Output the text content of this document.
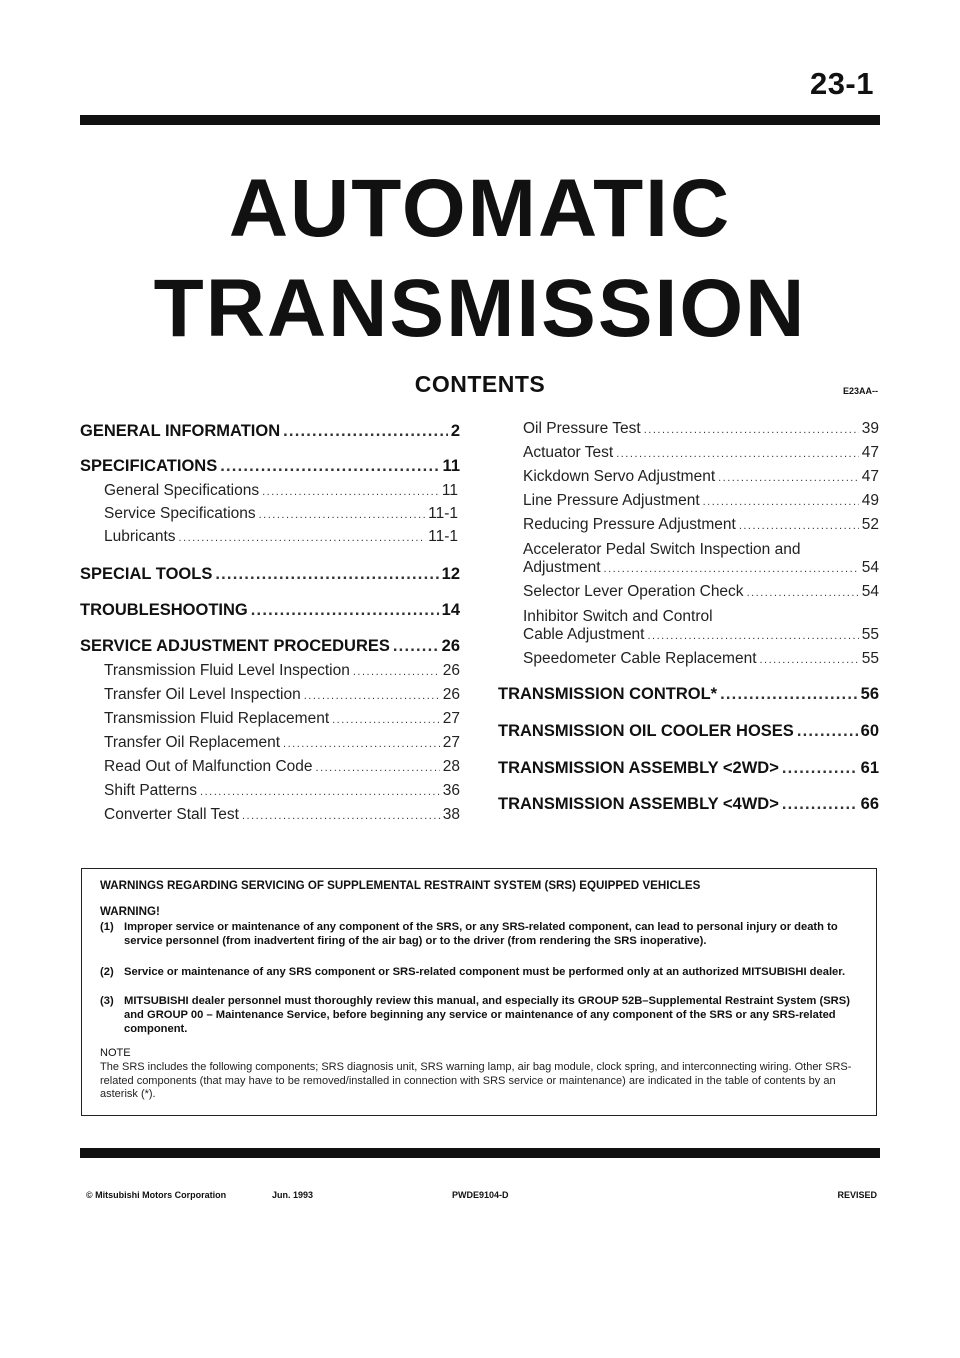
23-1
AUTOMATIC
TRANSMISSION
CONTENTS	E23AA--
GENERAL INFORMATION .....	2
SPECIFICATIONS .....	11
General Specifications .....	11
Service Specifications .....	11-1
Lubricants .....	11-1
SPECIAL TOOLS .....	12
TROUBLESHOOTING .....	14
SERVICE ADJUSTMENT PROCEDURES .....	26
Transmission Fluid Level Inspection .....	26
Transfer Oil Level Inspection .....	26
Transmission Fluid Replacement .....	27
Transfer Oil Replacement .....	27
Read Out of Malfunction Code .....	28
Shift Patterns .....	36
Converter Stall Test .....	38
Oil Pressure Test .....	39
Actuator Test .....	47
Kickdown Servo Adjustment .....	47
Line Pressure Adjustment .....	49
Reducing Pressure Adjustment .....	52
Accelerator Pedal Switch Inspection and
Adjustment .....	54
Selector Lever Operation Check .....	54
Inhibitor Switch and Control
Cable Adjustment .....	55
Speedometer Cable Replacement .....	55
TRANSMISSION CONTROL* .....	56
TRANSMISSION OIL COOLER HOSES .....	60
TRANSMISSION ASSEMBLY <2WD> .....	61
TRANSMISSION ASSEMBLY <4WD> .....	66
WARNINGS REGARDING SERVICING OF SUPPLEMENTAL RESTRAINT SYSTEM (SRS) EQUIPPED VEHICLES
WARNING!
(1) Improper service or maintenance of any component of the SRS, or any SRS-related component, can lead to personal injury or death to service personnel (from inadvertent firing of the air bag) or to the driver (from rendering the SRS inoperative).
(2) Service or maintenance of any SRS component or SRS-related component must be performed only at an authorized MITSUBISHI dealer.
(3) MITSUBISHI dealer personnel must thoroughly review this manual, and especially its GROUP 52B–Supplemental Restraint System (SRS) and GROUP 00 – Maintenance Service, before beginning any service or maintenance of any component of the SRS or any SRS-related component.
NOTE
The SRS includes the following components; SRS diagnosis unit, SRS warning lamp, air bag module, clock spring, and interconnecting wiring. Other SRS-related components (that may have to be removed/installed in connection with SRS service or maintenance) are indicated in the table of contents by an asterisk (*).
© Mitsubishi Motors Corporation	Jun. 1993	PWDE9104-D	REVISED
